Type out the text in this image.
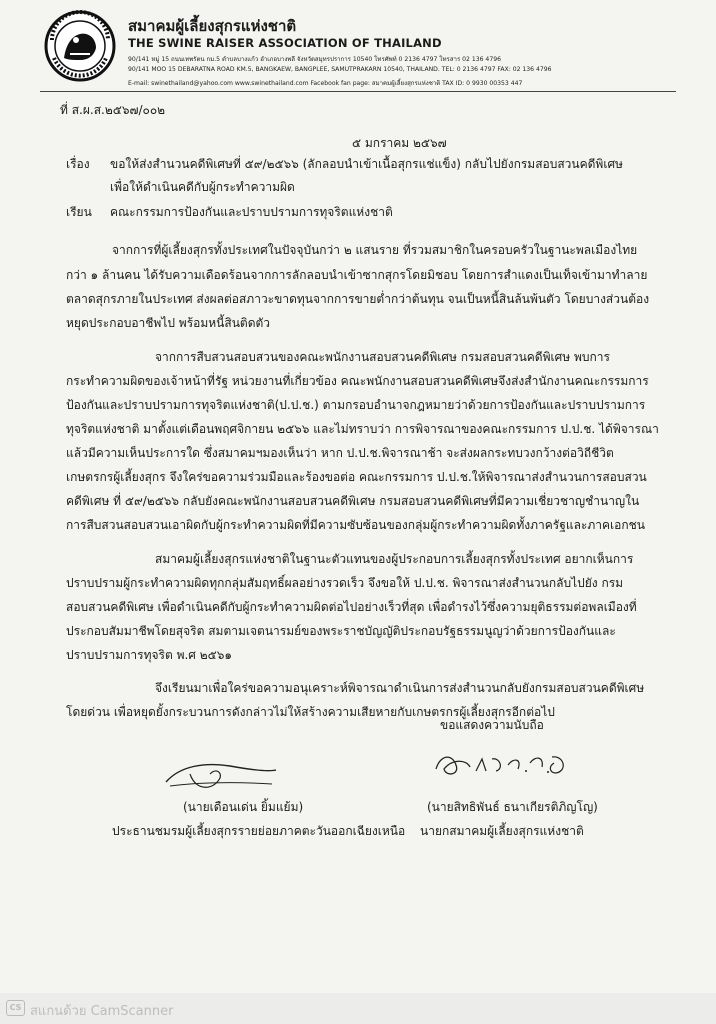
สมาคมผู้เลี้ยงสุกรแห่งชาติ
THE SWINE RAISER ASSOCIATION OF THAILAND
90/141 หมู่ 15 ถนนเทพรัตน กม.5 ตำบลบางแก้ว อำเภอบางพลี จังหวัดสมุทรปราการ 10540 โทรศัพท์ 0 2136 4797 โทรสาร 02 136 4796
90/141 MOO 15 DEBARATNA ROAD KM.5, BANGKAEW, BANGPLEE, SAMUTPRAKARN 10540, THAILAND. TEL: 0 2136 4797 FAX: 02 136 4796
E-mail: swinethailand@yahoo.com www.swinethailand.com Facebook fan page: สมาคมผู้เลี้ยงสุกรแห่งชาติ TAX ID: 0 9930 00353 447
ที่ ส.ผ.ส.๒๕๖๗/๐๐๒
๕ มกราคม ๒๕๖๗
เรื่อง ขอให้ส่งสำนวนคดีพิเศษที่ ๕๙/๒๕๖๖ (ลักลอบนำเข้าเนื้อสุกรแช่แข็ง) กลับไปยังกรมสอบสวนคดีพิเศษ
เพื่อให้ดำเนินคดีกับผู้กระทำความผิด
เรียน คณะกรรมการป้องกันและปราบปรามการทุจริตแห่งชาติ
จากการที่ผู้เลี้ยงสุกรทั้งประเทศในปัจจุบันกว่า ๒ แสนราย ที่รวมสมาชิกในครอบครัวในฐานะพลเมืองไทย
กว่า ๑ ล้านคน ได้รับความเดือดร้อนจากการลักลอบนำเข้าซากสุกรโดยมิชอบ โดยการสำแดงเป็นเท็จเข้ามาทำลาย
ตลาดสุกรภายในประเทศ ส่งผลต่อสภาวะขาดทุนจากการขายต่ำกว่าต้นทุน จนเป็นหนี้สินล้นพ้นตัว โดยบางส่วนต้อง
หยุดประกอบอาชีพไป พร้อมหนี้สินติดตัว
จากการสืบสวนสอบสวนของคณะพนักงานสอบสวนคดีพิเศษ กรมสอบสวนคดีพิเศษ พบการ
กระทำความผิดของเจ้าหน้าที่รัฐ หน่วยงานที่เกี่ยวข้อง คณะพนักงานสอบสวนคดีพิเศษจึงส่งสำนักงานคณะกรรมการ
ป้องกันและปราบปรามการทุจริตแห่งชาติ(ป.ป.ช.) ตามกรอบอำนาจกฎหมายว่าด้วยการป้องกันและปราบปรามการ
ทุจริตแห่งชาติ มาตั้งแต่เดือนพฤศจิกายน ๒๕๖๖ และไม่ทราบว่า การพิจารณาของคณะกรรมการ ป.ป.ช. ได้พิจารณา
แล้วมีความเห็นประการใด ซึ่งสมาคมฯมองเห็นว่า หาก ป.ป.ช.พิจารณาช้า จะส่งผลกระทบวงกว้างต่อวิถีชีวิต
เกษตรกรผู้เลี้ยงสุกร จึงใคร่ขอความร่วมมือและร้องขอต่อ คณะกรรมการ ป.ป.ช.ให้พิจารณาส่งสำนวนการสอบสวน
คดีพิเศษ ที่ ๕๙/๒๕๖๖ กลับยังคณะพนักงานสอบสวนคดีพิเศษ กรมสอบสวนคดีพิเศษที่มีความเชี่ยวชาญชำนาญใน
การสืบสวนสอบสวนเอาผิดกับผู้กระทำความผิดที่มีความซับซ้อนของกลุ่มผู้กระทำความผิดทั้งภาครัฐและภาคเอกชน
สมาคมผู้เลี้ยงสุกรแห่งชาติในฐานะตัวแทนของผู้ประกอบการเลี้ยงสุกรทั้งประเทศ อยากเห็นการ
ปราบปรามผู้กระทำความผิดทุกกลุ่มสัมฤทธิ์ผลอย่างรวดเร็ว จึงขอให้ ป.ป.ช. พิจารณาส่งสำนวนกลับไปยัง กรม
สอบสวนคดีพิเศษ เพื่อดำเนินคดีกับผู้กระทำความผิดต่อไปอย่างเร็วที่สุด เพื่อดำรงไว้ซึ่งความยุติธรรมต่อพลเมืองที่
ประกอบสัมมาชีพโดยสุจริต สมตามเจตนารมย์ของพระราชบัญญัติประกอบรัฐธรรมนูญว่าด้วยการป้องกันและ
ปราบปรามการทุจริต พ.ศ ๒๕๖๑
จึงเรียนมาเพื่อใคร่ขอความอนุเคราะห์พิจารณาดำเนินการส่งสำนวนกลับยังกรมสอบสวนคดีพิเศษ
โดยด่วน เพื่อหยุดยั้งกระบวนการดังกล่าวไม่ให้สร้างความเสียหายกับเกษตรกรผู้เลี้ยงสุกรอีกต่อไป
ขอแสดงความนับถือ
(นายเดือนเด่น ยิ้มแย้ม)
ประธานชมรมผู้เลี้ยงสุกรรายย่อยภาคตะวันออกเฉียงเหนือ
(นายสิทธิพันธ์ ธนาเกียรติภิญโญ)
นายกสมาคมผู้เลี้ยงสุกรแห่งชาติ
CS สแกนด้วย CamScanner
